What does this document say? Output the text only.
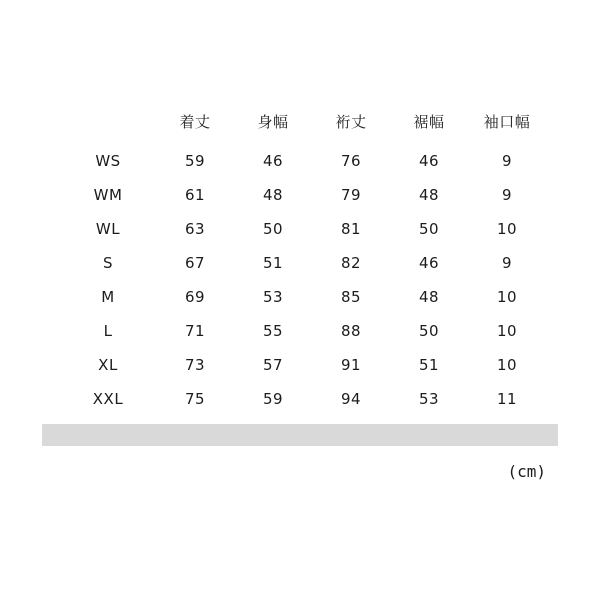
	着丈	身幅	裄丈	裾幅	袖口幅
WS	59	46	76	46	9
WM	61	48	79	48	9
WL	63	50	81	50	10
S	67	51	82	46	9
M	69	53	85	48	10
L	71	55	88	50	10
XL	73	57	91	51	10
XXL	75	59	94	53	11
(cm)
